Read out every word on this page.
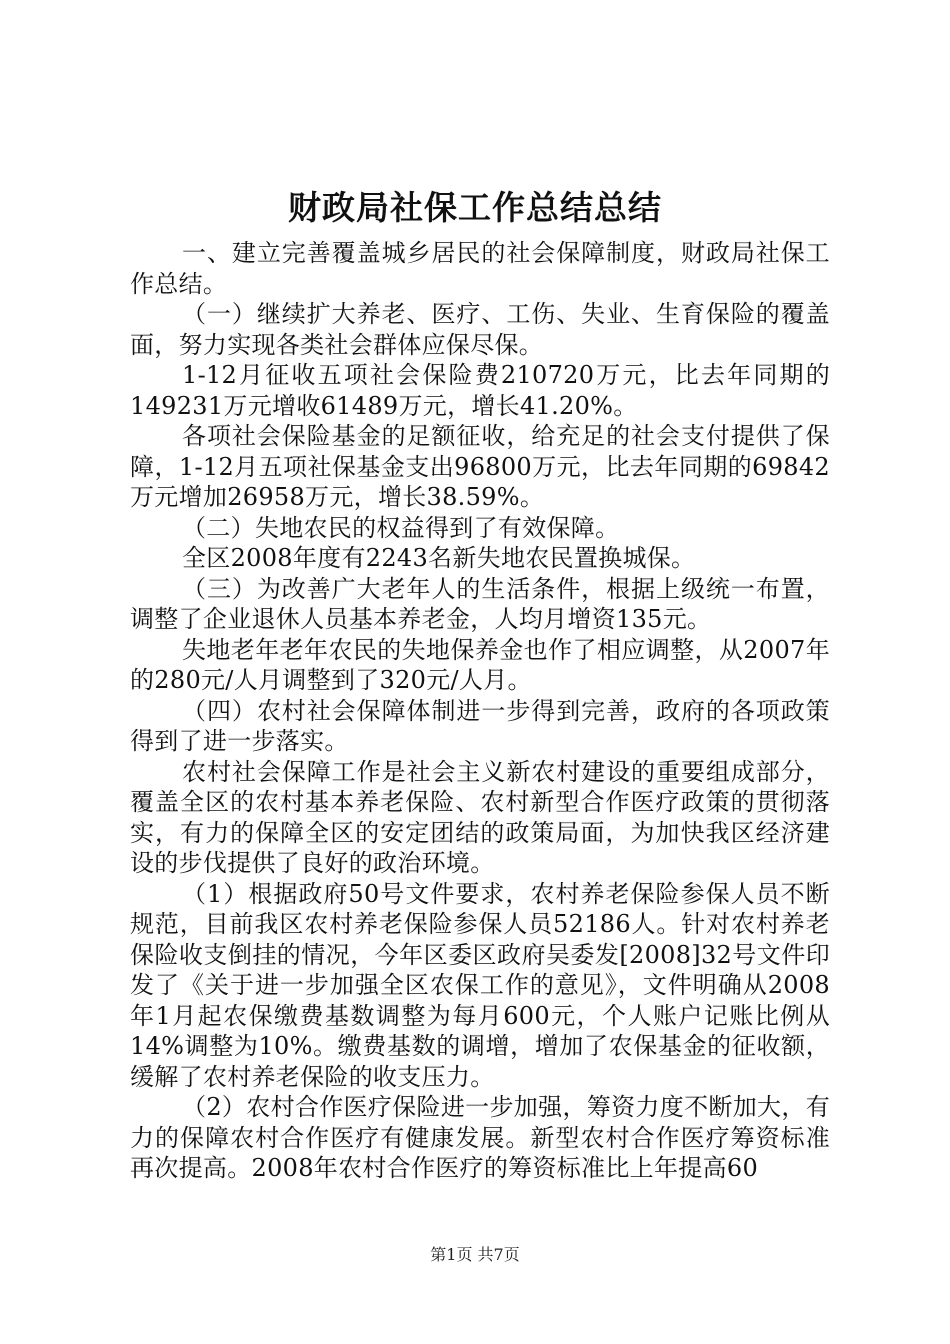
财政局社保工作总结总结

一、建立完善覆盖城乡居民的社会保障制度，财政局社保工作总结。

（一）继续扩大养老、医疗、工伤、失业、生育保险的覆盖面，努力实现各类社会群体应保尽保。

1-12月征收五项社会保险费210720万元，比去年同期的149231万元增收61489万元，增长41.20%。

各项社会保险基金的足额征收，给充足的社会支付提供了保障，1-12月五项社保基金支出96800万元，比去年同期的69842万元增加26958万元，增长38.59%。

（二）失地农民的权益得到了有效保障。

全区2008年度有2243名新失地农民置换城保。

（三）为改善广大老年人的生活条件，根据上级统一布置，调整了企业退休人员基本养老金，人均月增资135元。

失地老年老年农民的失地保养金也作了相应调整，从2007年的280元/人月调整到了320元/人月。

（四）农村社会保障体制进一步得到完善，政府的各项政策得到了进一步落实。

农村社会保障工作是社会主义新农村建设的重要组成部分，覆盖全区的农村基本养老保险、农村新型合作医疗政策的贯彻落实，有力的保障全区的安定团结的政策局面，为加快我区经济建设的步伐提供了良好的政治环境。

（1）根据政府50号文件要求，农村养老保险参保人员不断规范，目前我区农村养老保险参保人员52186人。针对农村养老保险收支倒挂的情况，今年区委区政府吴委发[2008]32号文件印发了《关于进一步加强全区农保工作的意见》，文件明确从2008年1月起农保缴费基数调整为每月600元，个人账户记账比例从14%调整为10%。缴费基数的调增，增加了农保基金的征收额，缓解了农村养老保险的收支压力。

（2）农村合作医疗保险进一步加强，筹资力度不断加大，有力的保障农村合作医疗有健康发展。新型农村合作医疗筹资标准再次提高。2008年农村合作医疗的筹资标准比上年提高60

第1页 共7页
